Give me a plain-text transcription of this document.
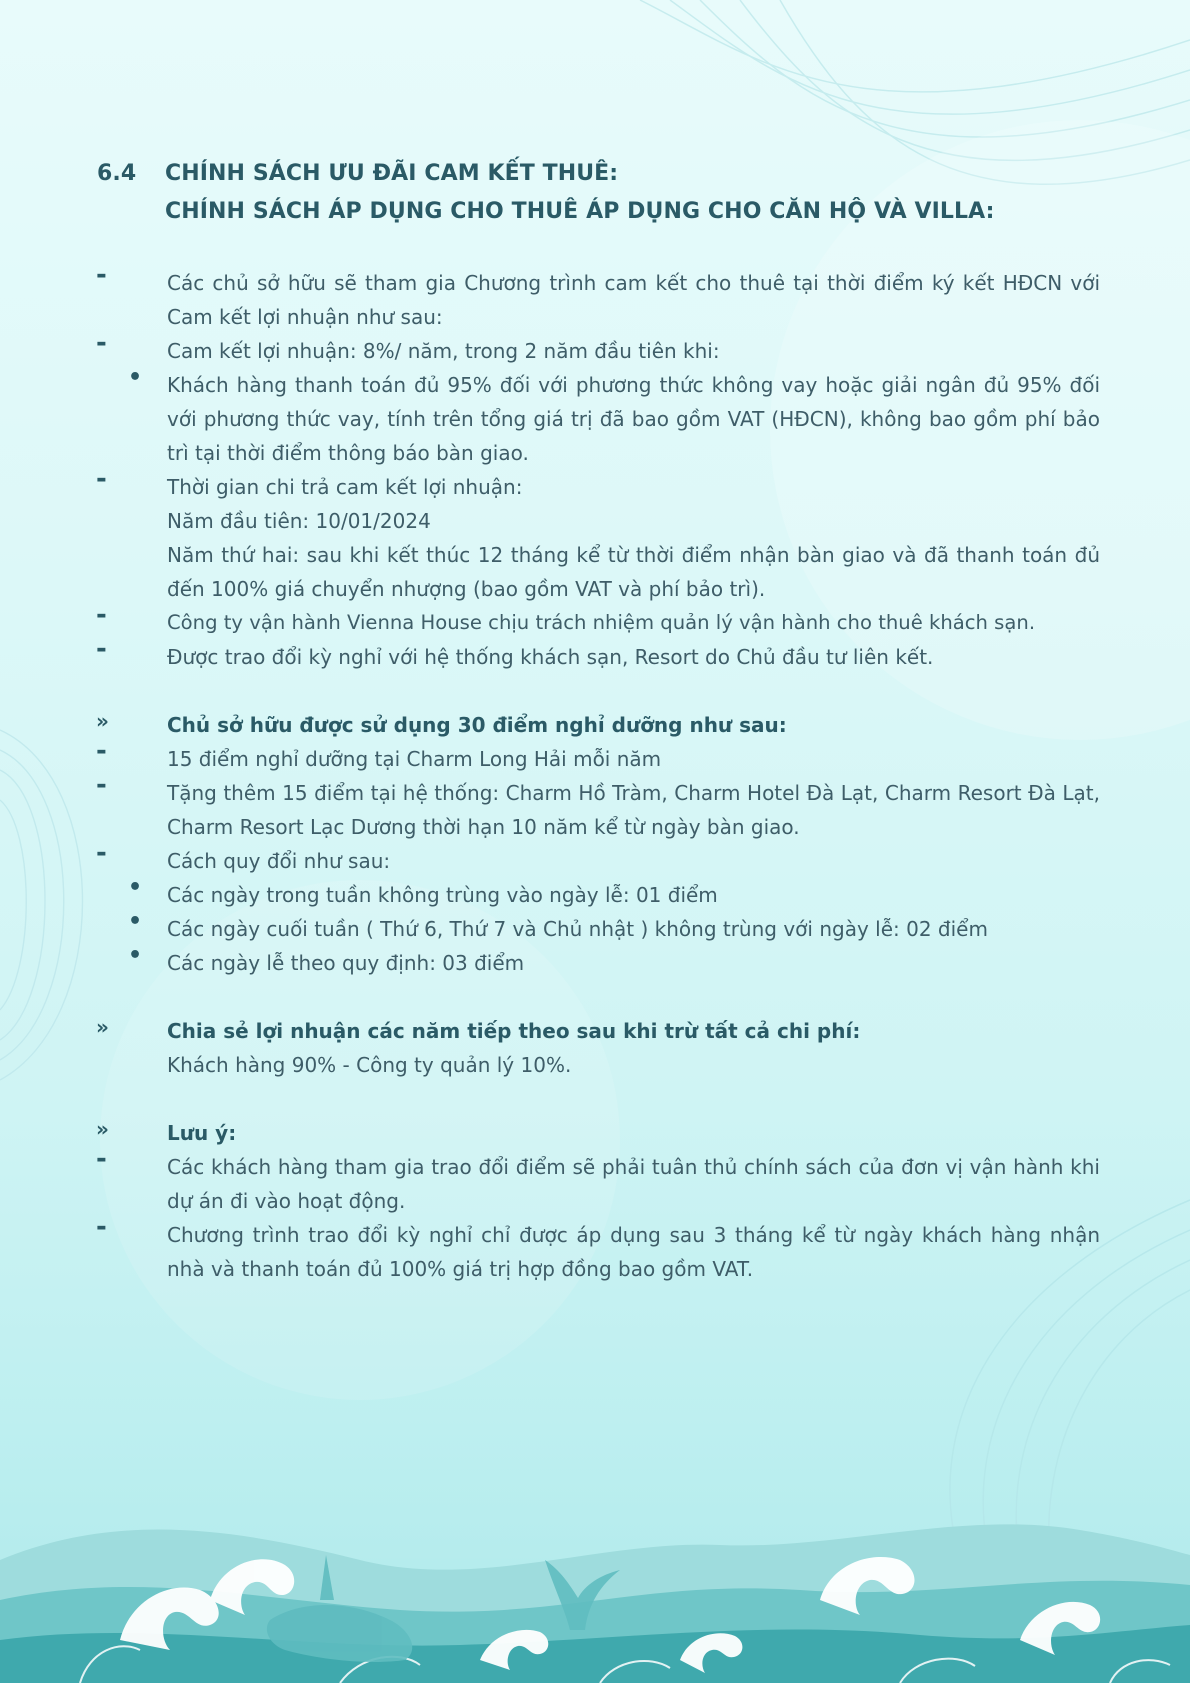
6.4 CHÍNH SÁCH ƯU ĐÃI CAM KẾT THUÊ:
CHÍNH SÁCH ÁP DỤNG CHO THUÊ ÁP DỤNG CHO CĂN HỘ VÀ VILLA:
-	Các chủ sở hữu sẽ tham gia Chương trình cam kết cho thuê tại thời điểm ký kết HĐCN với Cam kết lợi nhuận như sau:
-	Cam kết lợi nhuận: 8%/ năm, trong 2 năm đầu tiên khi:
• Khách hàng thanh toán đủ 95% đối với phương thức không vay hoặc giải ngân đủ 95% đối với phương thức vay, tính trên tổng giá trị đã bao gồm VAT (HĐCN), không bao gồm phí bảo trì tại thời điểm thông báo bàn giao.
-	Thời gian chi trả cam kết lợi nhuận:
Năm đầu tiên: 10/01/2024
Năm thứ hai: sau khi kết thúc 12 tháng kể từ thời điểm nhận bàn giao và đã thanh toán đủ đến 100% giá chuyển nhượng (bao gồm VAT và phí bảo trì).
-	Công ty vận hành Vienna House chịu trách nhiệm quản lý vận hành cho thuê khách sạn.
-	Được trao đổi kỳ nghỉ với hệ thống khách sạn, Resort do Chủ đầu tư liên kết.
»	Chủ sở hữu được sử dụng 30 điểm nghỉ dưỡng như sau:
-	15 điểm nghỉ dưỡng tại Charm Long Hải mỗi năm
-	Tặng thêm 15 điểm tại hệ thống: Charm Hồ Tràm, Charm Hotel Đà Lạt, Charm Resort Đà Lạt, Charm Resort Lạc Dương thời hạn 10 năm kể từ ngày bàn giao.
-	Cách quy đổi như sau:
• Các ngày trong tuần không trùng vào ngày lễ: 01 điểm
• Các ngày cuối tuần ( Thứ 6, Thứ 7 và Chủ nhật ) không trùng với ngày lễ: 02 điểm
• Các ngày lễ theo quy định: 03 điểm
»	Chia sẻ lợi nhuận các năm tiếp theo sau khi trừ tất cả chi phí:
Khách hàng 90% - Công ty quản lý 10%.
»	Lưu ý:
-	Các khách hàng tham gia trao đổi điểm sẽ phải tuân thủ chính sách của đơn vị vận hành khi dự án đi vào hoạt động.
-	Chương trình trao đổi kỳ nghỉ chỉ được áp dụng sau 3 tháng kể từ ngày khách hàng nhận nhà và thanh toán đủ 100% giá trị hợp đồng bao gồm VAT.
